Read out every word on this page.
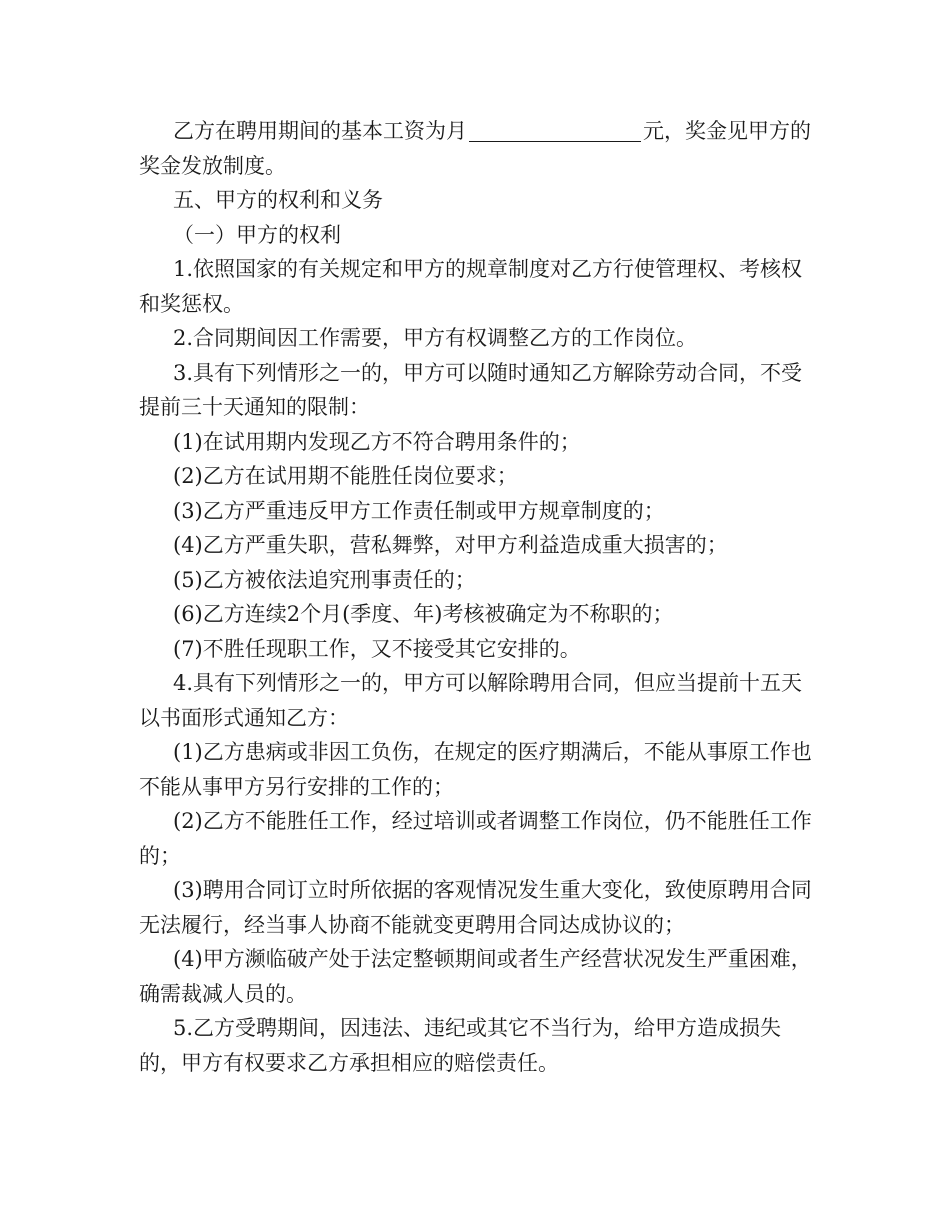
乙方在聘用期间的基本工资为月	元，奖金见甲方的奖金发放制度。

五、甲方的权利和义务

（一）甲方的权利

1.依照国家的有关规定和甲方的规章制度对乙方行使管理权、考核权和奖惩权。

2.合同期间因工作需要，甲方有权调整乙方的工作岗位。

3.具有下列情形之一的，甲方可以随时通知乙方解除劳动合同，不受提前三十天通知的限制：

(1)在试用期内发现乙方不符合聘用条件的；

(2)乙方在试用期不能胜任岗位要求；

(3)乙方严重违反甲方工作责任制或甲方规章制度的；

(4)乙方严重失职，营私舞弊，对甲方利益造成重大损害的；

(5)乙方被依法追究刑事责任的；

(6)乙方连续2个月(季度、年)考核被确定为不称职的；

(7)不胜任现职工作，又不接受其它安排的。

4.具有下列情形之一的，甲方可以解除聘用合同，但应当提前十五天以书面形式通知乙方：

(1)乙方患病或非因工负伤，在规定的医疗期满后，不能从事原工作也不能从事甲方另行安排的工作的；

(2)乙方不能胜任工作，经过培训或者调整工作岗位，仍不能胜任工作的；

(3)聘用合同订立时所依据的客观情况发生重大变化，致使原聘用合同无法履行，经当事人协商不能就变更聘用合同达成协议的；

(4)甲方濒临破产处于法定整顿期间或者生产经营状况发生严重困难，确需裁减人员的。

5.乙方受聘期间，因违法、违纪或其它不当行为，给甲方造成损失的，甲方有权要求乙方承担相应的赔偿责任。
